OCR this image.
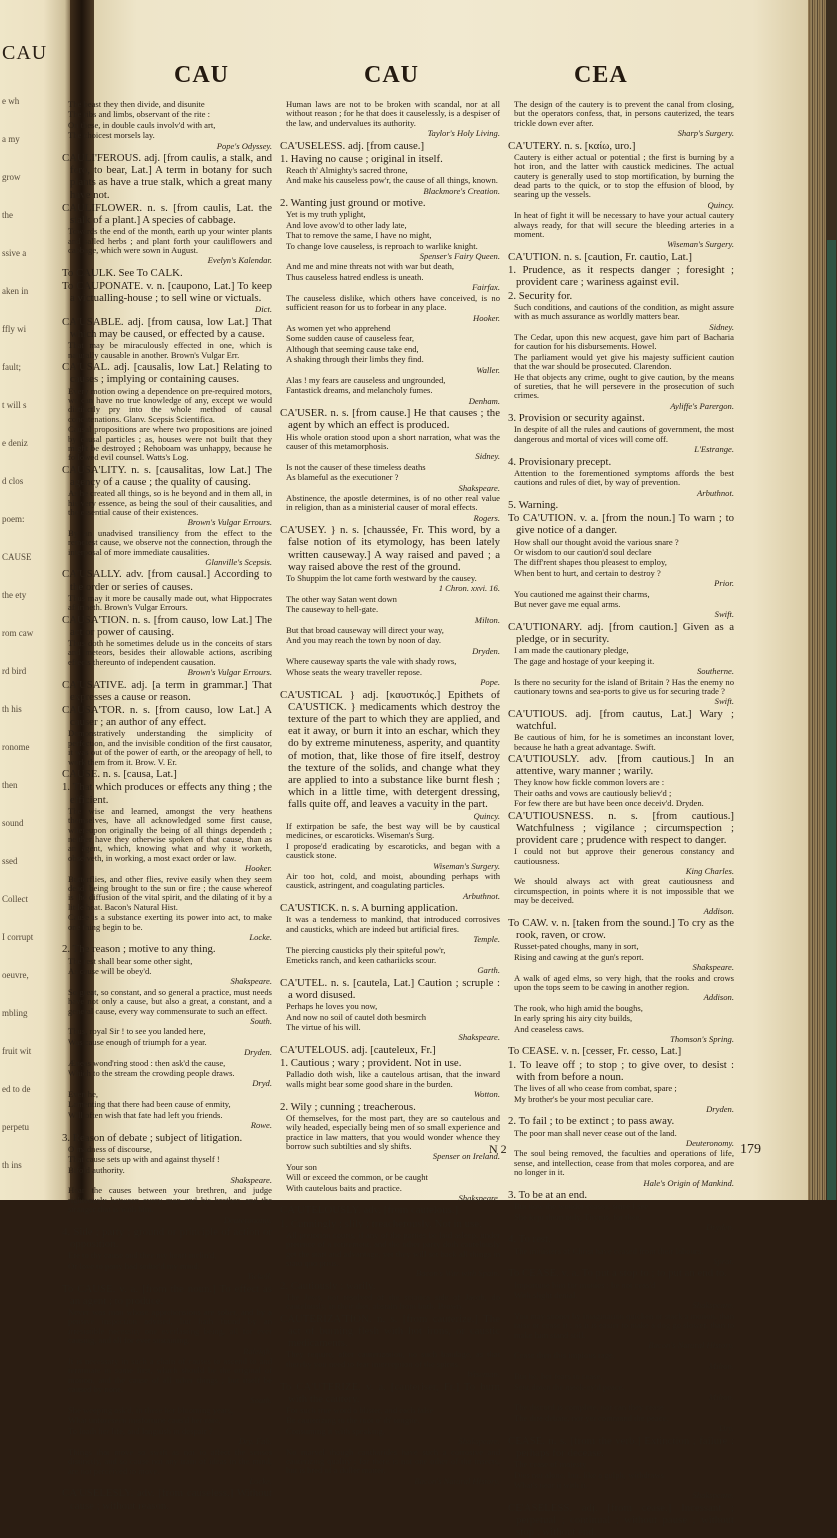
CAU
e wh
a my
grow
the
ssive a
aken in
ffly wi
fault;
t will s
e deniz
d clos
poem:
CAUSE
the ety
rom caw
rd bird
th his
ronome
then
sound
ssed
Collect
I corrupt
oeuvre,
mbling
fruit wit
ed to de
perpetu
th ins
CAU	CAU	CEA

The beast they then divide, and disunite

The ribs and limbs, observant of the rite :

On these, in double cauls involv'd with art,

The choicest morsels lay.

Pope's Odyssey.

CAULI'FEROUS. adj. [from caulis, a stalk, and fero, to bear, Lat.] A term in botany for such plants as have a true stalk, which a great many have not.

CAULIFLOWER. n. s. [from caulis, Lat. the stalk of a plant.] A species of cabbage.

Towards the end of the month, earth up your winter plants and salled herbs ; and plant forth your cauliflowers and cabbage, which were sown in August.

Evelyn's Kalendar.

To CAULK. See To CALK.

To CAUPONATE. v. n. [caupono, Lat.] To keep a victualling-house ; to sell wine or victuals.

Dict.

CA'USABLE. adj. [from causa, low Lat.] That which may be caused, or effected by a cause.

That may be miraculously effected in one, which is naturally causable in another. Brown's Vulgar Err.

CA'USAL. adj. [causalis, low Lat.] Relating to causes ; implying or containing causes.

Every motion owing a dependence on pre-required motors, we can have no true knowledge of any, except we would distinctly pry into the whole method of causal concatenations. Glanv. Scepsis Scientifica.

Causal propositions are where two propositions are joined by causal particles ; as, houses were not built that they might be destroyed ; Rehoboam was unhappy, because he followed evil counsel. Watts's Log.

CAUSA'LITY. n. s. [causalitas, low Lat.] The agency of a cause ; the quality of causing.

As he created all things, so is he beyond and in them all, in his very essence, as being the soul of their causalities, and the essential cause of their existences.

Brown's Vulgar Errours.

By an unadvised transiliency from the effect to the remotest cause, we observe not the connection, through the interposal of more immediate causalities.

Glanville's Scepsis.

CA'USALLY. adv. [from causal.] According to the order or series of causes.

Thus may it more be causally made out, what Hippocrates affirmeth. Brown's Vulgar Errours.

CAUSA'TION. n. s. [from causo, low Lat.] The act or power of causing.

Thus doth he sometimes delude us in the conceits of stars and meteors, besides their allowable actions, ascribing effects thereunto of independent causation.

Brown's Vulgar Errours.

CA'USATIVE. adj. [a term in grammar.] That expresses a cause or reason.

CAUSA'TOR. n. s. [from causo, low Lat.] A causer ; an author of any effect.

Demonstratively understanding the simplicity of perfection, and the invisible condition of the first causator, it was out of the power of earth, or the areopagy of hell, to work them from it. Brow. V. Er.

CAUSE. n. s. [causa, Lat.]

1. That which produces or effects any thing ; the efficient.

The wise and learned, amongst the very heathens themselves, have all acknowledged some first cause, whereupon originally the being of all things dependeth ; neither have they otherwise spoken of that cause, than as an agent, which, knowing what and why it worketh, observeth, in working, a most exact order or law.

Hooker.

Butterflies, and other flies, revive easily when they seem dead, being brought to the sun or fire ; the cause whereof is the diffusion of the vital spirit, and the dilating of it by a little heat. Bacon's Natural Hist.

Cause is a substance exerting its power into act, to make one thing begin to be.

Locke.

2. The reason ; motive to any thing.

The rest shall bear some other sight,

As cause will be obey'd.

Shakspeare.

So great, so constant, and so general a practice, must needs have not only a cause, but also a great, a constant, and a general cause, every way commensurate to such an effect.

South.

Thus, royal Sir ! to see you landed here,

Was cause enough of triumph for a year.

Dryden.

Æneas wond'ring stood : then ask'd the cause,

Which to the stream the crowding people draws.

Dryd.

Even he,

Lamenting that there had been cause of enmity,

Will often wish that fate had left you friends.

Rowe.

3. Reason of debate ; subject of litigation.

O madness of discourse,

That cause sets up with and against thyself !

Bifold authority.

Shakspeare.

Hear the causes between your brethren, and judge righteously between every man and his brother, and the stranger that is with him.

Deuteronomy.

4. Side ; party ; ground or principle of action or opposition.

Ere to thy cause and thee my heart inclin'd,

Or love to party had seduc'd my mind.

Tickell.

To CAUSE. v. a. [from the noun.] To effect as an agent ; to produce.

Never was man whose apprehensions are sober, and by a pensive inspection advised, but hath found by an irresistible necessity one everlasting being, all for ever causing, and all for ever sustaining.

Raleigh.

It is necessary in such a chain of causes to ascend to and terminate in some first, which should be the original of motion, and the cause of all other things ; but itself be caused by none.

South.

She weeping ask'd, in these her blooming years,

What unforeseen misfortune caus'd her care,

To loath her life, and languish in despair ?

Dry. Fab.

Things that move so swift as not to affect the senses distinctly, and so cause not any train of ideas in the mind, are not perceived to move.

Locke.

CA'USELESLY. adv. [from causeless.] Without cause ; without reason.

Human laws are not to be broken with scandal, nor at all without reason ; for he that does it causelessly, is a despiser of the law, and undervalues its authority.

Taylor's Holy Living.

CA'USELESS. adj. [from cause.]

1. Having no cause ; original in itself.

Reach th' Almighty's sacred throne,

And make his causeless pow'r, the cause of all things, known.

Blackmore's Creation.

2. Wanting just ground or motive.

Yet is my truth yplight,

And love avow'd to other lady late,

That to remove the same, I have no might,

To change love causeless, is reproach to warlike knight.

Spenser's Fairy Queen.

And me and mine threats not with war but death,

Thus causeless hatred endless is uneath.

Fairfax.

The causeless dislike, which others have conceived, is no sufficient reason for us to forbear in any place.

Hooker.

As women yet who apprehend

Some sudden cause of causeless fear,

Although that seeming cause take end,

A shaking through their limbs they find.

Waller.

Alas ! my fears are causeless and ungrounded,

Fantastick dreams, and melancholy fumes.

Denham.

CA'USER. n. s. [from cause.] He that causes ; the agent by which an effect is produced.

His whole oration stood upon a short narration, what was the causer of this metamorphosis.

Sidney.

Is not the causer of these timeless deaths

As blameful as the executioner ?

Shakspeare.

Abstinence, the apostle determines, is of no other real value in religion, than as a ministerial causer of moral effects.

Rogers.

CA'USEY. } n. s. [chaussée, Fr. This word, by a false notion of its etymology, has been lately written causeway.] A way raised and paved ; a way raised above the rest of the ground.

To Shuppim the lot came forth westward by the causey.

1 Chron. xxvi. 16.

The other way Satan went down

The causeway to hell-gate.

Milton.

But that broad causeway will direct your way,

And you may reach the town by noon of day.

Dryden.

Where causeway sparts the vale with shady rows,

Whose seats the weary traveller repose.

Pope.

CA'USTICAL } adj. [καυστικός.] Epithets of CA'USTICK. } medicaments which destroy the texture of the part to which they are applied, and eat it away, or burn it into an eschar, which they do by extreme minuteness, asperity, and quantity of motion, that, like those of fire itself, destroy the texture of the solids, and change what they are applied to into a substance like burnt flesh ; which in a little time, with detergent dressing, falls quite off, and leaves a vacuity in the part.

Quincy.

If extirpation be safe, the best way will be by caustical medicines, or escaroticks. Wiseman's Surg.

I propose'd eradicating by escaroticks, and began with a caustick stone.

Wiseman's Surgery.

Air too hot, cold, and moist, abounding perhaps with caustick, astringent, and coagulating particles.

Arbuthnot.

CA'USTICK. n. s. A burning application.

It was a tenderness to mankind, that introduced corrosives and causticks, which are indeed but artificial fires.

Temple.

The piercing causticks ply their spiteful pow'r,

Emeticks ranch, and keen cathariicks scour.

Garth.

CA'UTEL. n. s. [cautela, Lat.] Caution ; scruple : a word disused.

Perhaps he loves you now,

And now no soil of cautel doth besmirch

The virtue of his will.

Shakspeare.

CA'UTELOUS. adj. [cauteleux, Fr.]

1. Cautious ; wary ; provident. Not in use.

Palladio doth wish, like a cautelous artisan, that the inward walls might bear some good share in the burden.

Wotton.

2. Wily ; cunning ; treacherous.

Of themselves, for the most part, they are so cautelous and wily headed, especially being men of so small experience and practice in law matters, that you would wonder whence they borrow such subtilties and sly shifts.

Spenser on Ireland.

Your son

Will or exceed the common, or be caught

With cautelous baits and practice.

Shakspeare.

CA'UTELOUSLY. adv. [from cautelous.]

1. Cunningly ; slily ; treacherously. Not in use.

All pretorian courts, if any of the parties be laid asleep, under pretence of a retirement, and the other party doth cautelously get the start and advantage, yet they will set back all things in statu quo prius.

Bacon's War with Spain.

2. Cautiously ; warily.

The Jews, not resolved of the sciatica side of Jacob, do cautelously, in their diet, abstain from both. Brown.

CAUTERIZA'TION. n. s. [from cauterize.] The act of burning flesh with hot irons, or caustic medicaments.

They require, after cauterization, no such bandage, as that thereby you need to fear interception of the spirits.

Wiseman.

To CA'UTERIZE. v. a. [cauteriser, Fr.] To burn with the cautery.

For such true word a blister, and each false

Be cauterizing to the root o' th' tongue,

Consuming it with speaking.

Shakspeare.

No marvel though cantharides have such a corrosive and cauterizing quality ; for there is not one other of the insects, but is bred of a duller matter.

Bacon's Natural History.

The design of the cautery is to prevent the canal from closing, but the operators confess, that, in persons cauterized, the tears trickle down ever after.

Sharp's Surgery.

CA'UTERY. n. s. [καίω, uro.]

Cautery is either actual or potential ; the first is burning by a hot iron, and the latter with caustick medicines. The actual cautery is generally used to stop mortification, by burning the dead parts to the quick, or to stop the effusion of blood, by searing up the vessels.

Quincy.

In heat of fight it will be necessary to have your actual cautery always ready, for that will secure the bleeding arteries in a moment.

Wiseman's Surgery.

CA'UTION. n. s. [caution, Fr. cautio, Lat.]

1. Prudence, as it respects danger ; foresight ; provident care ; wariness against evil.

2. Security for.

Such conditions, and cautions of the condition, as might assure with as much assurance as worldly matters bear.

Sidney.

The Cedar, upon this new acquest, gave him part of Bacharia for caution for his disbursements. Howel.

The parliament would yet give his majesty sufficient caution that the war should be prosecuted. Clarendon.

He that objects any crime, ought to give caution, by the means of sureties, that he will persevere in the prosecution of such crimes.

Ayliffe's Parergon.

3. Provision or security against.

In despite of all the rules and cautions of government, the most dangerous and mortal of vices will come off.

L'Estrange.

4. Provisionary precept.

Attention to the forementioned symptoms affords the best cautions and rules of diet, by way of prevention.

Arbuthnot.

5. Warning.

To CA'UTION. v. a. [from the noun.] To warn ; to give notice of a danger.

How shall our thought avoid the various snare ?

Or wisdom to our caution'd soul declare

The diff'rent shapes thou pleasest to employ,

When bent to hurt, and certain to destroy ?

Prior.

You cautioned me against their charms,

But never gave me equal arms.

Swift.

CA'UTIONARY. adj. [from caution.] Given as a pledge, or in security.

I am made the cautionary pledge,

The gage and hostage of your keeping it.

Southerne.

Is there no security for the island of Britain ? Has the enemy no cautionary towns and sea-ports to give us for securing trade ?

Swift.

CA'UTIOUS. adj. [from cautus, Lat.] Wary ; watchful.

Be cautious of him, for he is sometimes an inconstant lover, because he hath a great advantage. Swift.

CA'UTIOUSLY. adv. [from cautious.] In an attentive, wary manner ; warily.

They know how fickle common lovers are :

Their oaths and vows are cautiously believ'd ;

For few there are but have been once deceiv'd. Dryden.

CA'UTIOUSNESS. n. s. [from cautious.] Watchfulness ; vigilance ; circumspection ; provident care ; prudence with respect to danger.

I could not but approve their generous constancy and cautiousness.

King Charles.

We should always act with great cautiousness and circumspection, in points where it is not impossible that we may be deceived.

Addison.

To CAW. v. n. [taken from the sound.] To cry as the rook, raven, or crow.

Russet-pated choughs, many in sort,

Rising and cawing at the gun's report.

Shakspeare.

A walk of aged elms, so very high, that the rooks and crows upon the tops seem to be cawing in another region.

Addison.

The rook, who high amid the boughs,

In early spring his airy city builds,

And ceaseless caws.

Thomson's Spring.

To CEASE. v. n. [cesser, Fr. cesso, Lat.]

1. To leave off ; to stop ; to give over, to desist : with from before a noun.

The lives of all who cease from combat, spare ;

My brother's be your most peculiar care.

Dryden.

2. To fail ; to be extinct ; to pass away.

The poor man shall never cease out of the land.

Deuteronomy.

The soul being removed, the faculties and operations of life, sense, and intellection, cease from that moles corporea, and are no longer in it.

Hale's Origin of Mankind.

3. To be at an end.

But now the wonder ceases, since I see

She kept them only, Tityrus, for thee.

Dryden.

4. To rest.

The ministers of Christ have ceased from their labours.

Sprat.

To CEASE. v. a. To put a stop to ; to put an end to.

Importune him for monies : be not ceas'd

With slight denial.

Shakspeare.

You may sooner by imagination quicken or stack a motion, than raise or cease it ; as it is easier to make a dog go slower, than to make him stand still.

Bacon's Natural History.

Cease then this impious rage.

Milton.

But he, her fears to cease,

Sent down the meek-ey'd peace.

Milton.

The discord is complete, nor can they cease

The dire debate, nor yet command the peace.

Dry.

CEASE. n. s. [from the verb.] Extinction ; failure : perhaps for decease.

The cease of majesty

Dies not alone, but, like a gulph, withdraws

What's near it with it.

Shakspeare.

CE'ASELESS. adj. [from cease.] Incessant ; perpetual ; continual ; without pause ; without stop ; without end.

N 2	179
